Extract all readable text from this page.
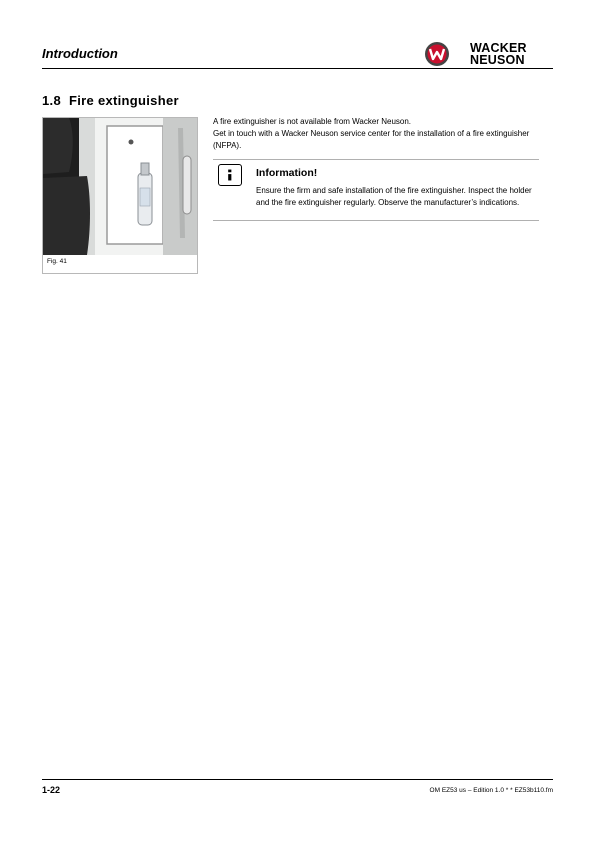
Introduction	WACKER
NEUSON
1.8 Fire extinguisher
Fig. 41
A fire extinguisher is not available from Wacker Neuson.
Get in touch with a Wacker Neuson service center for the installation of a fire extinguisher (NFPA).
Information!
Ensure the firm and safe installation of the fire extinguisher. Inspect the holder and the fire extinguisher regularly. Observe the manufacturer’s indications.
1-22	OM EZ53 us – Edition 1.0 * * EZ53b110.fm
